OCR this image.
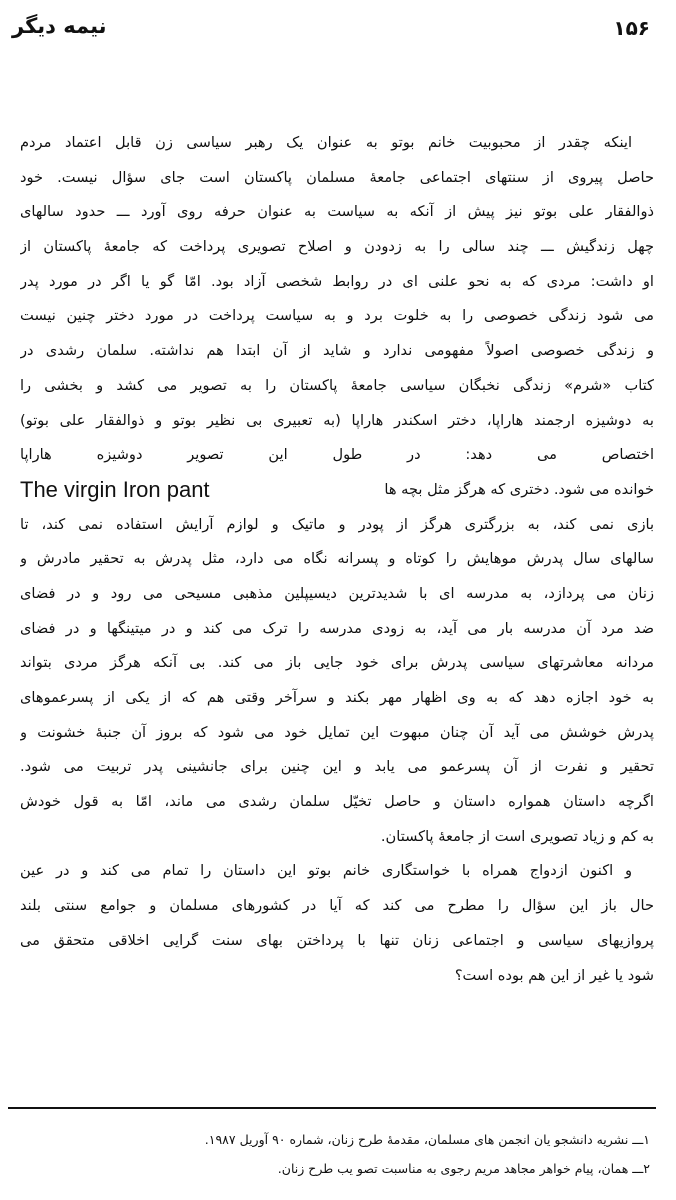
نیمه دیگر	۱۵۶
اینکه چقدر از محبوبیت خانم بوتو به عنوان یک رهبر سیاسی زن قابل اعتماد مردم
حاصل پیروی از سنتهای اجتماعی جامعهٔ مسلمان پاکستان است جای سؤال نیست. خود
ذوالفقار علی بوتو نیز پیش از آنکه به سیاست به عنوان حرفه روی آورد ـــ حدود سالهای
چهل زندگیش ـــ چند سالی را به زدودن و اصلاح تصویری پرداخت که جامعهٔ پاکستان از
او داشت: مردی که به نحو علنی ای در روابط شخصی آزاد بود. امّا گو یا اگر در مورد پدر
می شود زندگی خصوصی را به خلوت برد و به سیاست پرداخت در مورد دختر چنین نیست
و زندگی خصوصی اصولاً مفهومی ندارد و شاید از آن ابتدا هم نداشته. سلمان رشدی در
کتاب «شرم» زندگی نخبگان سیاسی جامعهٔ پاکستان را به تصویر می کشد و بخشی را
به دوشیزه ارجمند هاراپا، دختر اسکندر هاراپا (به تعبیری بی نظیر بوتو و ذوالفقار علی بوتو)
اختصاص می دهد: در طول این تصویر دوشیزه هاراپا
خوانده می شود. دختری که هرگز مثل بچه ها
The virgin Iron pant
بازی نمی کند، به بزرگتری هرگز از پودر و ماتیک و لوازم آرایش استفاده نمی کند، تا
سالهای سال پدرش موهایش را کوتاه و پسرانه نگاه می دارد، مثل پدرش به تحقیر مادرش و
زنان می پردازد، به مدرسه ای با شدیدترین دیسیپلین مذهبی مسیحی می رود و در فضای
ضد مرد آن مدرسه بار می آید، به زودی مدرسه را ترک می کند و در میتینگها و در فضای
مردانه معاشرتهای سیاسی پدرش برای خود جایی باز می کند. بی آنکه هرگز مردی بتواند
به خود اجازه دهد که به وی اظهار مهر بکند و سرآخر وقتی هم که از یکی از پسرعموهای
پدرش خوشش می آید آن چنان مبهوت این تمایل خود می شود که بروز آن جنبهٔ خشونت و
تحقیر و نفرت از آن پسرعمو می یابد و این چنین برای جانشینی پدر تربیت می شود.
اگرچه داستان همواره داستان و حاصل تخیّل سلمان رشدی می ماند، امّا به قول خودش
به کم و زیاد تصویری است از جامعهٔ پاکستان.
و اکنون ازدواج همراه با خواستگاری خانم بوتو این داستان را تمام می کند و در عین
حال باز این سؤال را مطرح می کند که آیا در کشورهای مسلمان و جوامع سنتی بلند
پروازیهای سیاسی و اجتماعی زنان تنها با پرداختن بهای سنت گرایی اخلاقی متحقق می
شود یا غیر از این هم بوده است؟
۱ـــ نشریه دانشجو یان انجمن های مسلمان، مقدمهٔ طرح زنان، شماره ۹۰ آوریل ۱۹۸۷.
۲ـــ همان، پیام خواهر مجاهد مریم رجوی به مناسبت تصو یب طرح زنان.
